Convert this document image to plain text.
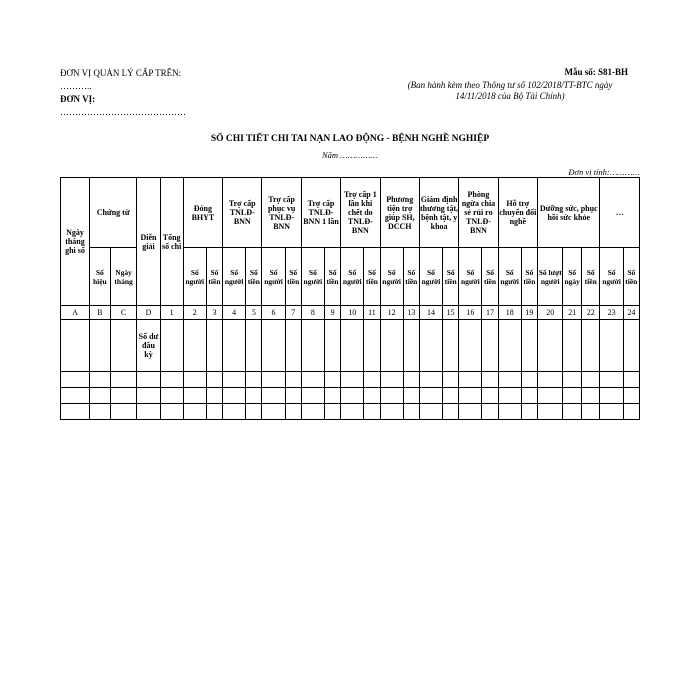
ĐƠN VỊ QUẢN LÝ CẤP TRÊN:
………..
ĐƠN VỊ:
……………………………………
Mẫu số: S81-BH
(Ban hành kèm theo Thông tư số 102/2018/TT-BTC ngày 14/11/2018 của Bộ Tài Chính)
SỔ CHI TIẾT CHI TAI NẠN LAO ĐỘNG - BỆNH NGHỀ NGHIỆP
Năm ……………
Đơn vị tính:…………
Ngày tháng ghi sổ	Chứng từ		Diễn giải	Tổng số chi	Đóng BHYT		Trợ cấp TNLĐ-BNN		Trợ cấp phục vụ TNLĐ-BNN		Trợ cấp TNLĐ-BNN 1 lần		Trợ cấp 1 lần khi chết do TNLĐ-BNN		Phương tiện trợ giúp SH, DCCH		Giám định thương tật, bệnh tật, y khoa		Phòng ngừa chia sẻ rủi ro TNLĐ-BNN		Hỗ trợ chuyển đổi nghề		Dưỡng sức, phục hồi sức khỏe			…	
	Số hiệu	Ngày tháng			Số người	Số tiền	Số người	Số tiền	Số người	Số tiền	Số người	Số tiền	Số người	Số tiền	Số người	Số tiền	Số người	Số tiền	Số người	Số tiền	Số người	Số tiền	Số lượt người	Số ngày	Số tiền	Số người	Số tiền
A	B	C	D	1	2	3	4	5	6	7	8	9	10	11	12	13	14	15	16	17	18	19	20	21	22	23	24
			Số dư đầu kỳ																								
